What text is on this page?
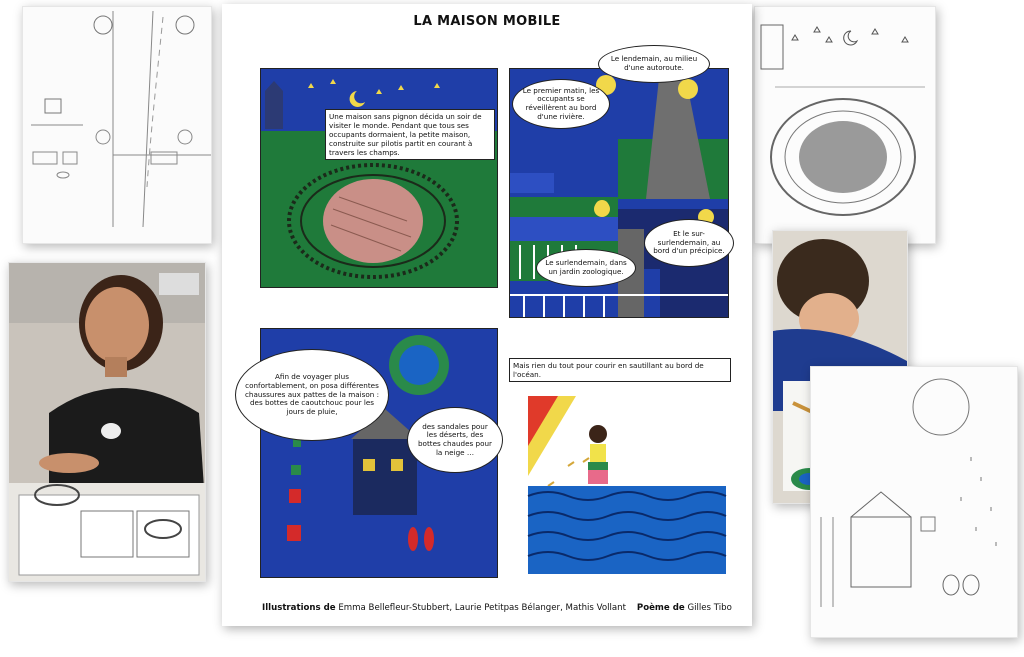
LA MAISON MOBILE
Une maison sans pignon décida un soir de visiter le monde. Pendant que tous ses occupants dormaient, la petite maison, construite sur pilotis partit en courant à travers les champs.
Le lendemain, au milieu d'une autoroute.
Le premier matin, les occupants se réveillèrent au bord d'une rivière.
Et le sur-surlendemain, au bord d'un précipice.
Le surlendemain, dans un jardin zoologique.
Afin de voyager plus confortablement, on posa différentes chaussures aux pattes de la maison : des bottes de caoutchouc pour les jours de pluie,
des sandales pour les déserts, des bottes chaudes pour la neige …
Mais rien du tout pour courir en sautillant au bord de l'océan.
Illustrations de Emma Bellefleur-Stubbert, Laurie Petitpas Bélanger, Mathis Vollant Poème de Gilles Tibo
